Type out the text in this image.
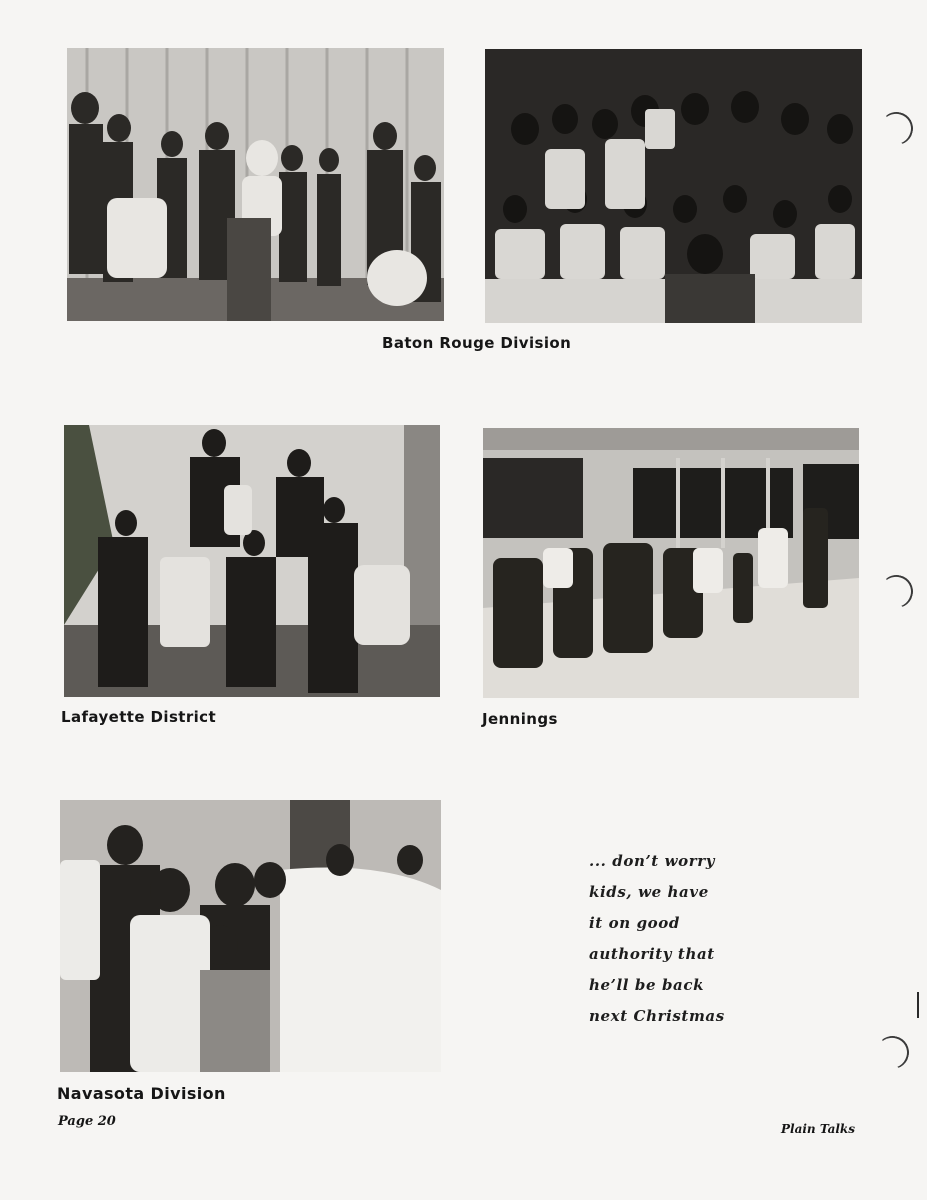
Baton Rouge Division
Lafayette District	Jennings
Navasota Division
... don’t worry
kids, we have
it on good
authority that
he’ll be back
next Christmas
Page 20	Plain Talks
